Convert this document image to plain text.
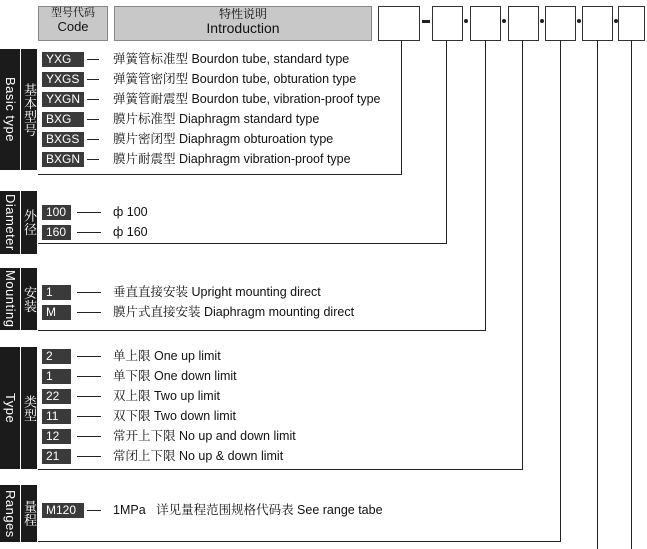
型号代码
Code
特性说明
Introduction
Basic type 基本型号
YXG	弹簧管标准型 Bourdon tube, standard type
YXGS	弹簧管密闭型 Bourdon tube, obturation type
YXGN	弹簧管耐震型 Bourdon tube, vibration-proof type
BXG	膜片标准型 Diaphragm standard type
BXGS	膜片密闭型 Diaphragm obturoation type
BXGN	膜片耐震型 Diaphragm vibration-proof type
Diameter 外径 100	ф 100
160	ф 160
Mounting 安装 1	垂直直接安装 Upright mounting direct
M	膜片式直接安装 Diaphragm mounting direct
Type 类型
2	单上限 One up limit
1	单下限 One down limit
22	双上限 Two up limit
11	双下限 Two down limit
12	常开上下限 No up and down limit
21	常闭上下限 No up & down limit
Ranges 量程 M120	1MPa   详见量程范围规格代码表 See range tabe
